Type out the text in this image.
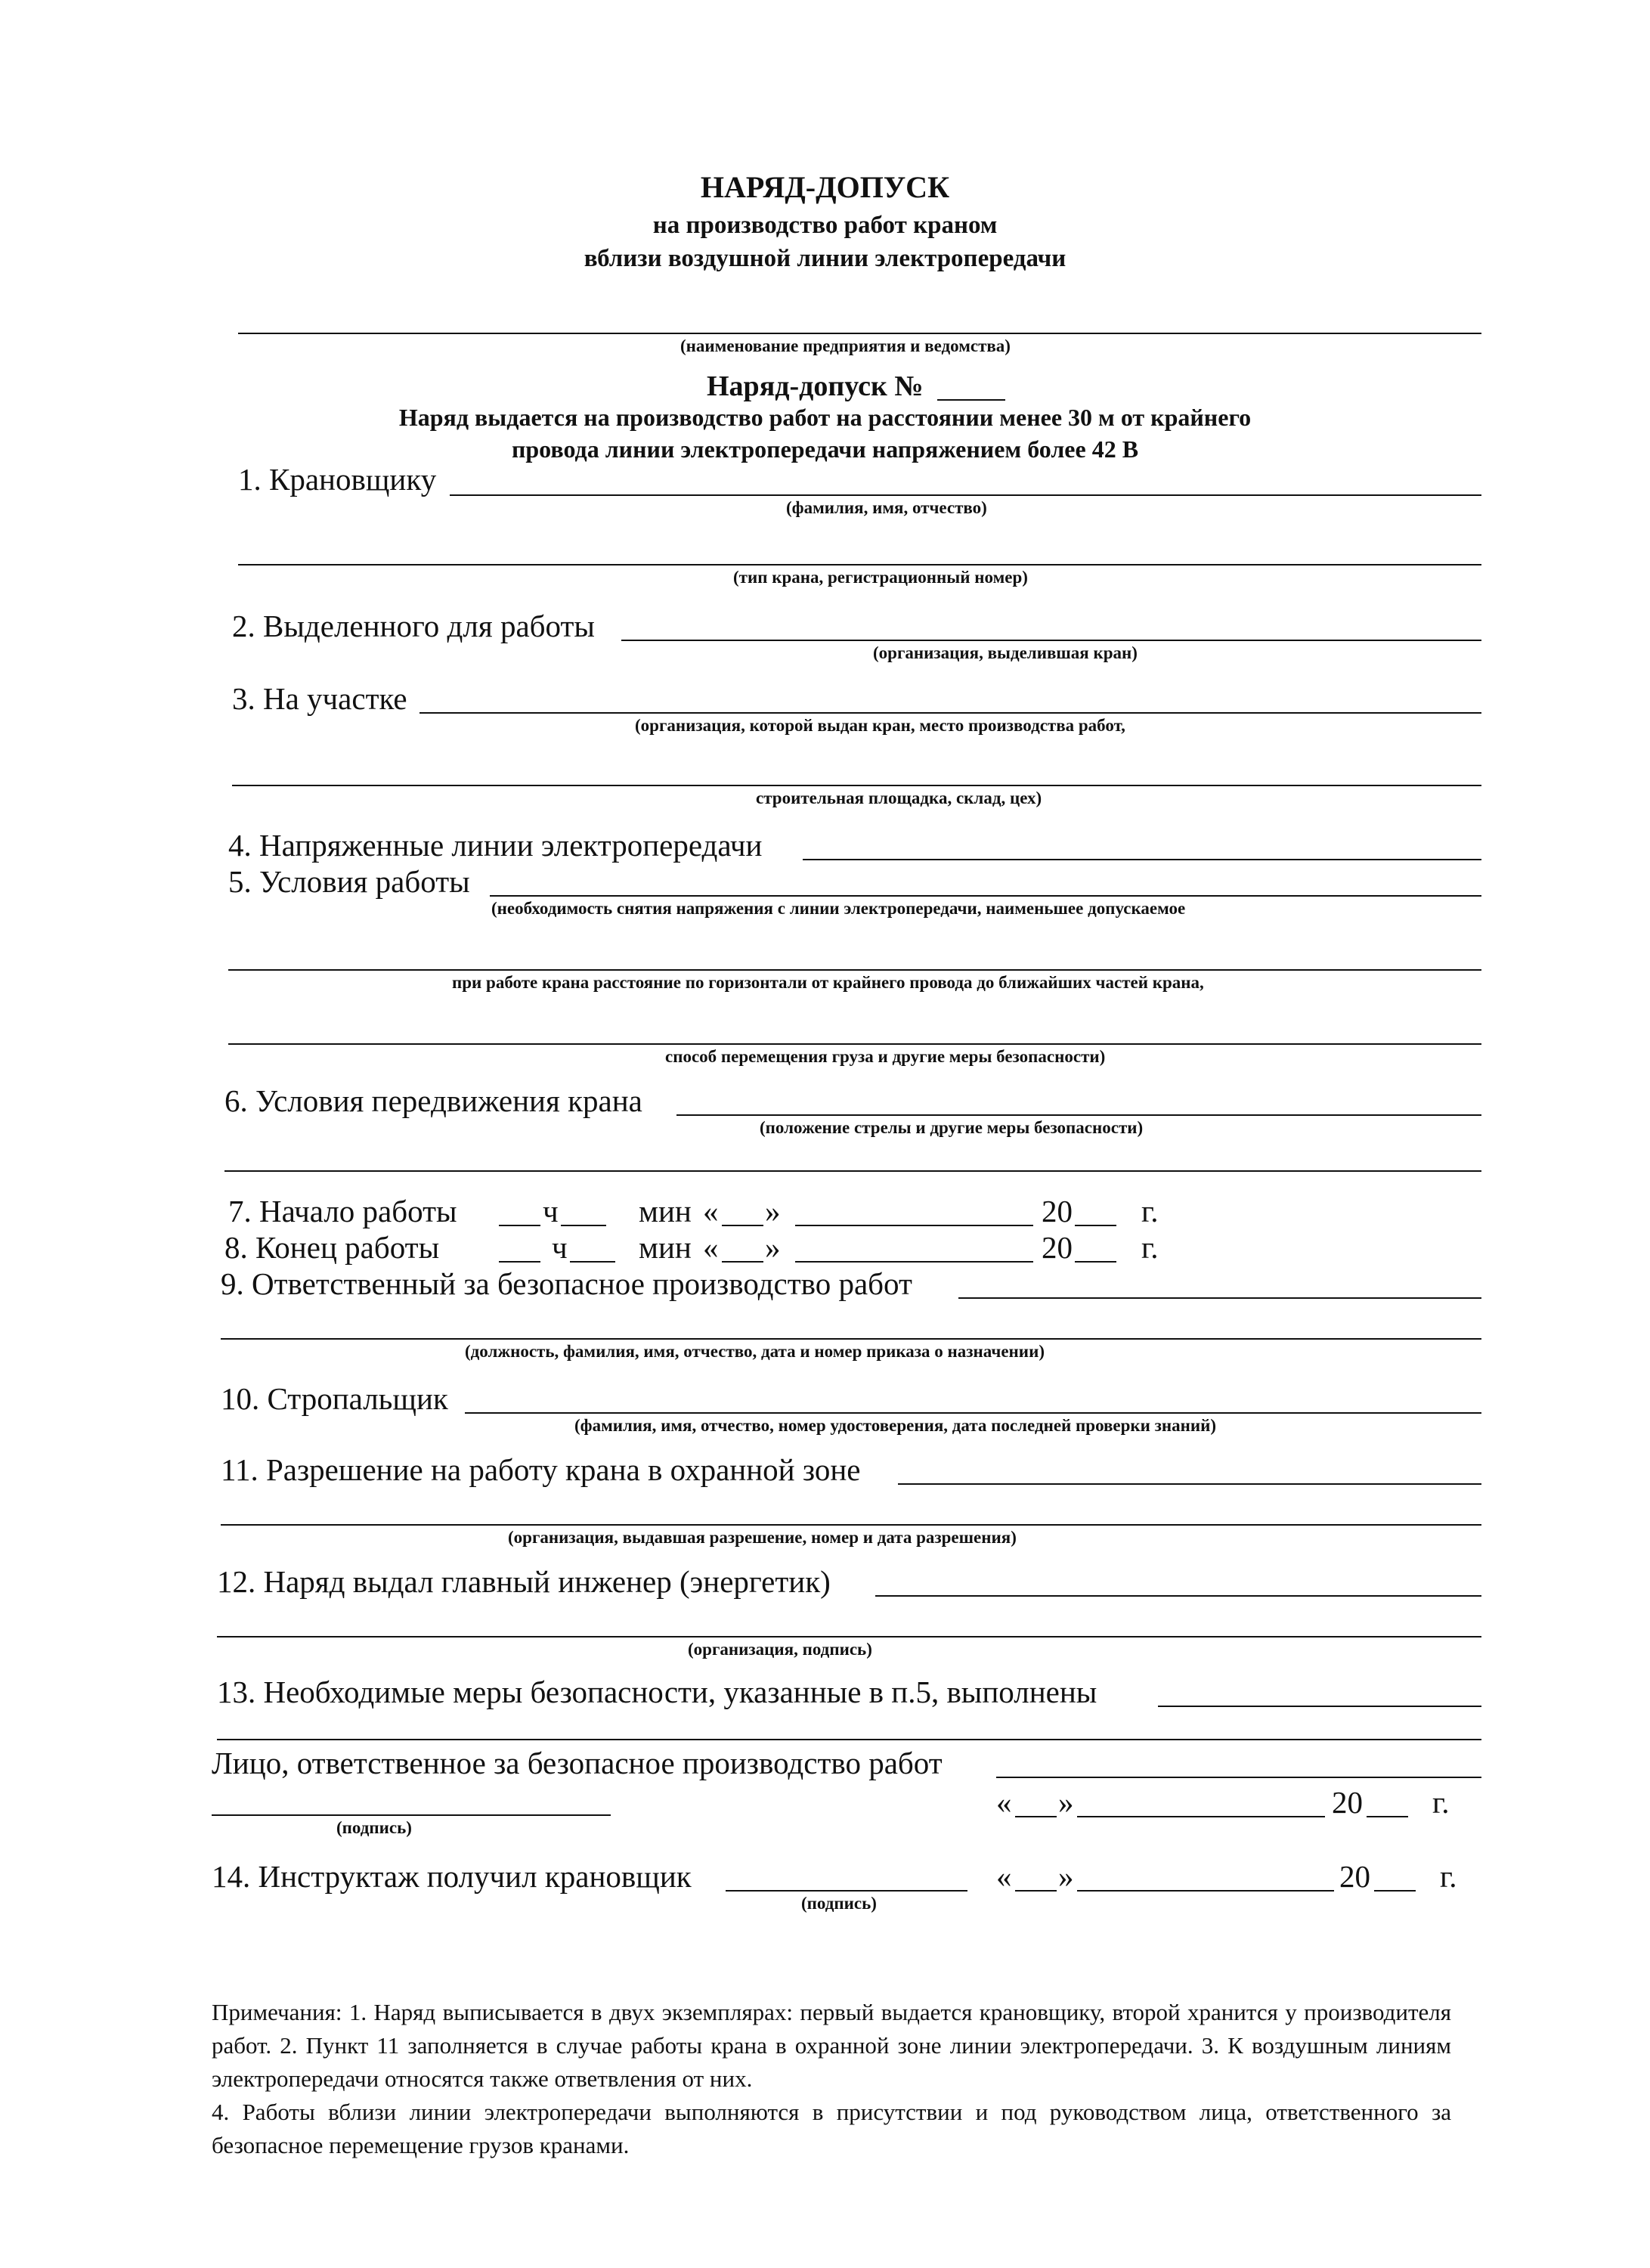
НАРЯД-ДОПУСК
на производство работ краном
вблизи воздушной линии электропередачи
(наименование предприятия и ведомства)
Наряд-допуск №
Наряд выдается на производство работ на расстоянии менее 30 м от крайнего
провода линии электропередачи напряжением более 42 В
1. Крановщику
(фамилия, имя, отчество)
(тип крана, регистрационный номер)
2. Выделенного для работы
(организация, выделившая кран)
3. На участке
(организация, которой выдан кран, место производства работ,
строительная площадка, склад, цех)
4. Напряженные линии электропередачи
5. Условия работы
(необходимость снятия напряжения с линии электропередачи, наименьшее допускаемое
при работе крана расстояние по горизонтали от крайнего провода до ближайших частей крана,
способ перемещения груза и другие меры безопасности)
6. Условия передвижения крана
(положение стрелы и другие меры безопасности)
7. Начало работы	ч	мин « »	20 г.
8. Конец работы	ч мин « »	20 г.
9. Ответственный за безопасное производство работ
(должность, фамилия, имя, отчество, дата и номер приказа о назначении)
10. Стропальщик
(фамилия, имя, отчество, номер удостоверения, дата последней проверки знаний)
11. Разрешение на работу крана в охранной зоне
(организация, выдавшая разрешение, номер и дата разрешения)
12. Наряд выдал главный инженер (энергетик)
(организация, подпись)
13. Необходимые меры безопасности, указанные в п.5, выполнены
Лицо, ответственное за безопасное производство работ
(подпись)
« »	20 г.
14. Инструктаж получил крановщик
(подпись)
« »	20 г.
Примечания: 1. Наряд выписывается в двух экземплярах: первый выдается крановщику, второй хранится у производителя работ. 2. Пункт 11 заполняется в случае работы крана в охранной зоне линии электропередачи. 3. К воздушным линиям электропередачи относятся также ответвления от них.
4. Работы вблизи линии электропередачи выполняются в присутствии и под руководством лица, ответственного за безопасное перемещение грузов кранами.
